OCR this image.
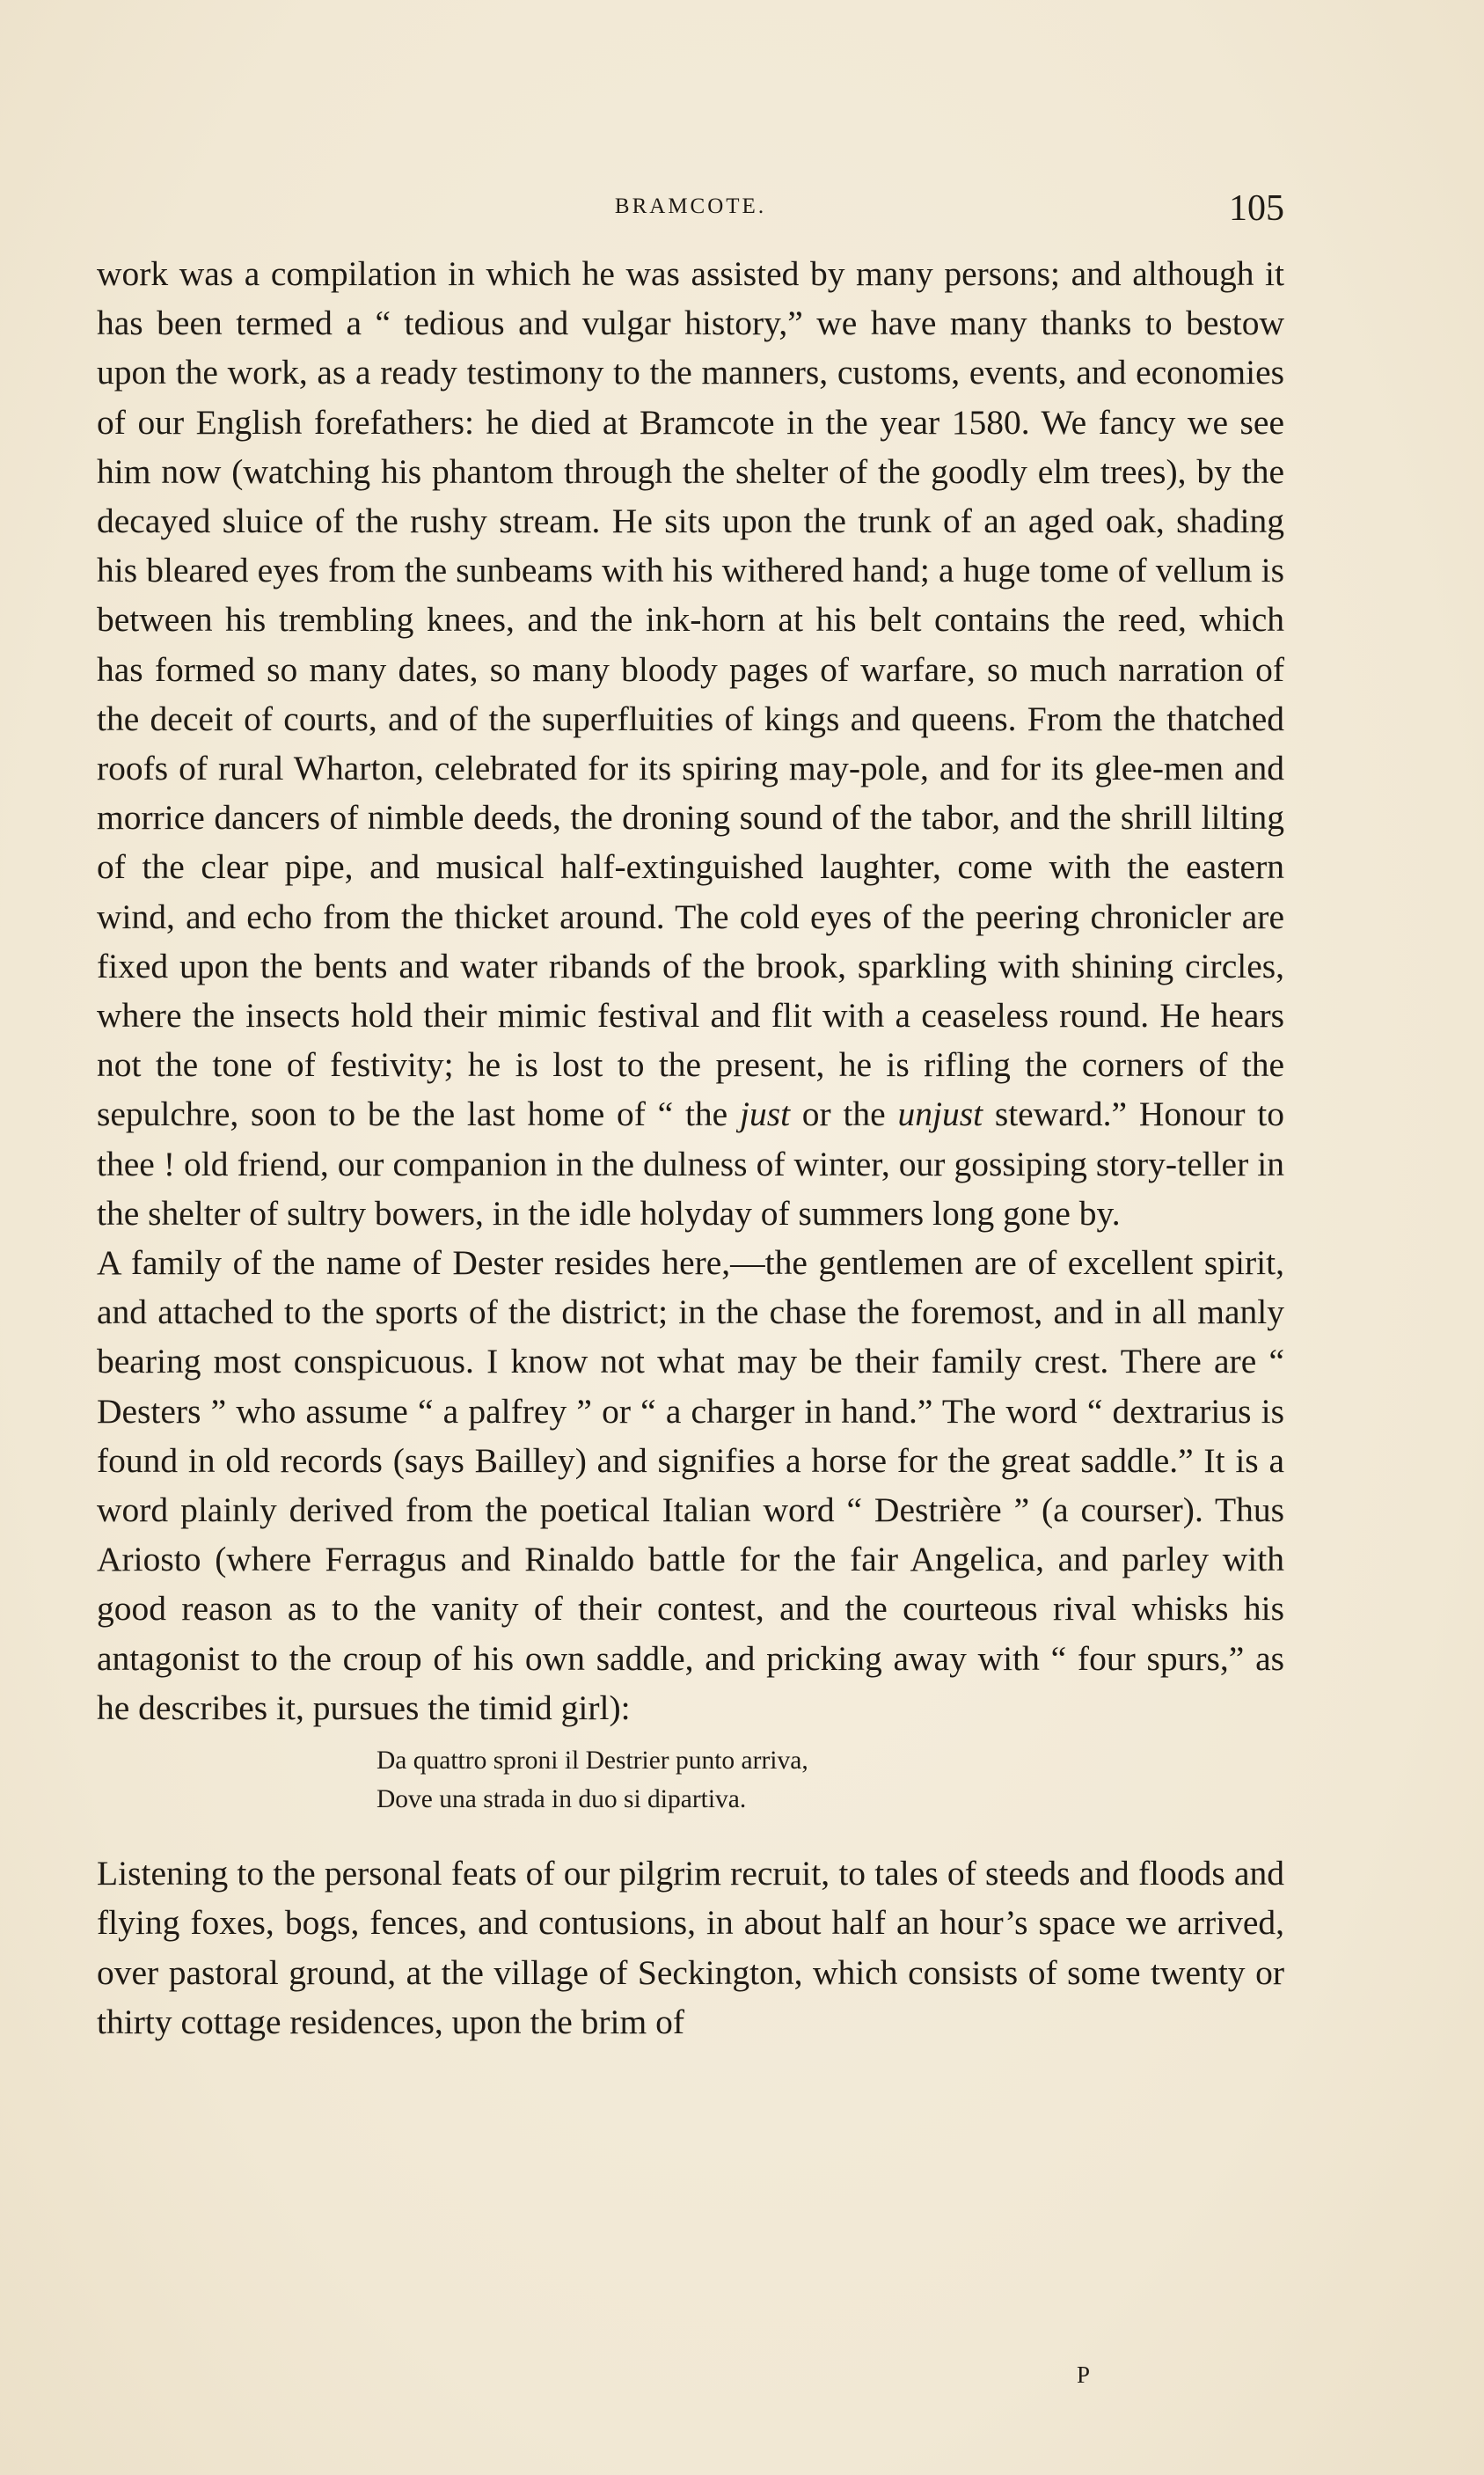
BRAMCOTE.	105

work was a compilation in which he was assisted by many persons; and although it has been termed a “ tedious and vulgar history,” we have many thanks to bestow upon the work, as a ready testimony to the manners, customs, events, and economies of our English forefathers: he died at Bramcote in the year 1580. We fancy we see him now (watching his phantom through the shelter of the goodly elm trees), by the decayed sluice of the rushy stream. He sits upon the trunk of an aged oak, shading his bleared eyes from the sunbeams with his withered hand; a huge tome of vellum is between his trembling knees, and the ink-horn at his belt contains the reed, which has formed so many dates, so many bloody pages of warfare, so much narration of the deceit of courts, and of the superfluities of kings and queens. From the thatched roofs of rural Wharton, celebrated for its spiring may-pole, and for its glee-men and morrice dancers of nimble deeds, the droning sound of the tabor, and the shrill lilting of the clear pipe, and musical half-extinguished laughter, come with the eastern wind, and echo from the thicket around. The cold eyes of the peering chronicler are fixed upon the bents and water ribands of the brook, sparkling with shining circles, where the insects hold their mimic festival and flit with a ceaseless round. He hears not the tone of festivity; he is lost to the present, he is rifling the corners of the sepulchre, soon to be the last home of “ the just or the unjust steward.” Honour to thee ! old friend, our companion in the dulness of winter, our gossiping story-teller in the shelter of sultry bowers, in the idle holyday of summers long gone by.

A family of the name of Dester resides here,—the gentlemen are of excellent spirit, and attached to the sports of the district; in the chase the foremost, and in all manly bearing most conspicuous. I know not what may be their family crest. There are “ Desters ” who assume “ a palfrey ” or “ a charger in hand.” The word “ dextrarius is found in old records (says Bailley) and signifies a horse for the great saddle.” It is a word plainly derived from the poetical Italian word “ Destrière ” (a courser). Thus Ariosto (where Ferragus and Rinaldo battle for the fair Angelica, and parley with good reason as to the vanity of their contest, and the courteous rival whisks his antagonist to the croup of his own saddle, and pricking away with “ four spurs,” as he describes it, pursues the timid girl):

Da quattro sproni il Destrier punto arriva,
Dove una strada in duo si dipartiva.

Listening to the personal feats of our pilgrim recruit, to tales of steeds and floods and flying foxes, bogs, fences, and contusions, in about half an hour’s space we arrived, over pastoral ground, at the village of Seckington, which consists of some twenty or thirty cottage residences, upon the brim of

P
